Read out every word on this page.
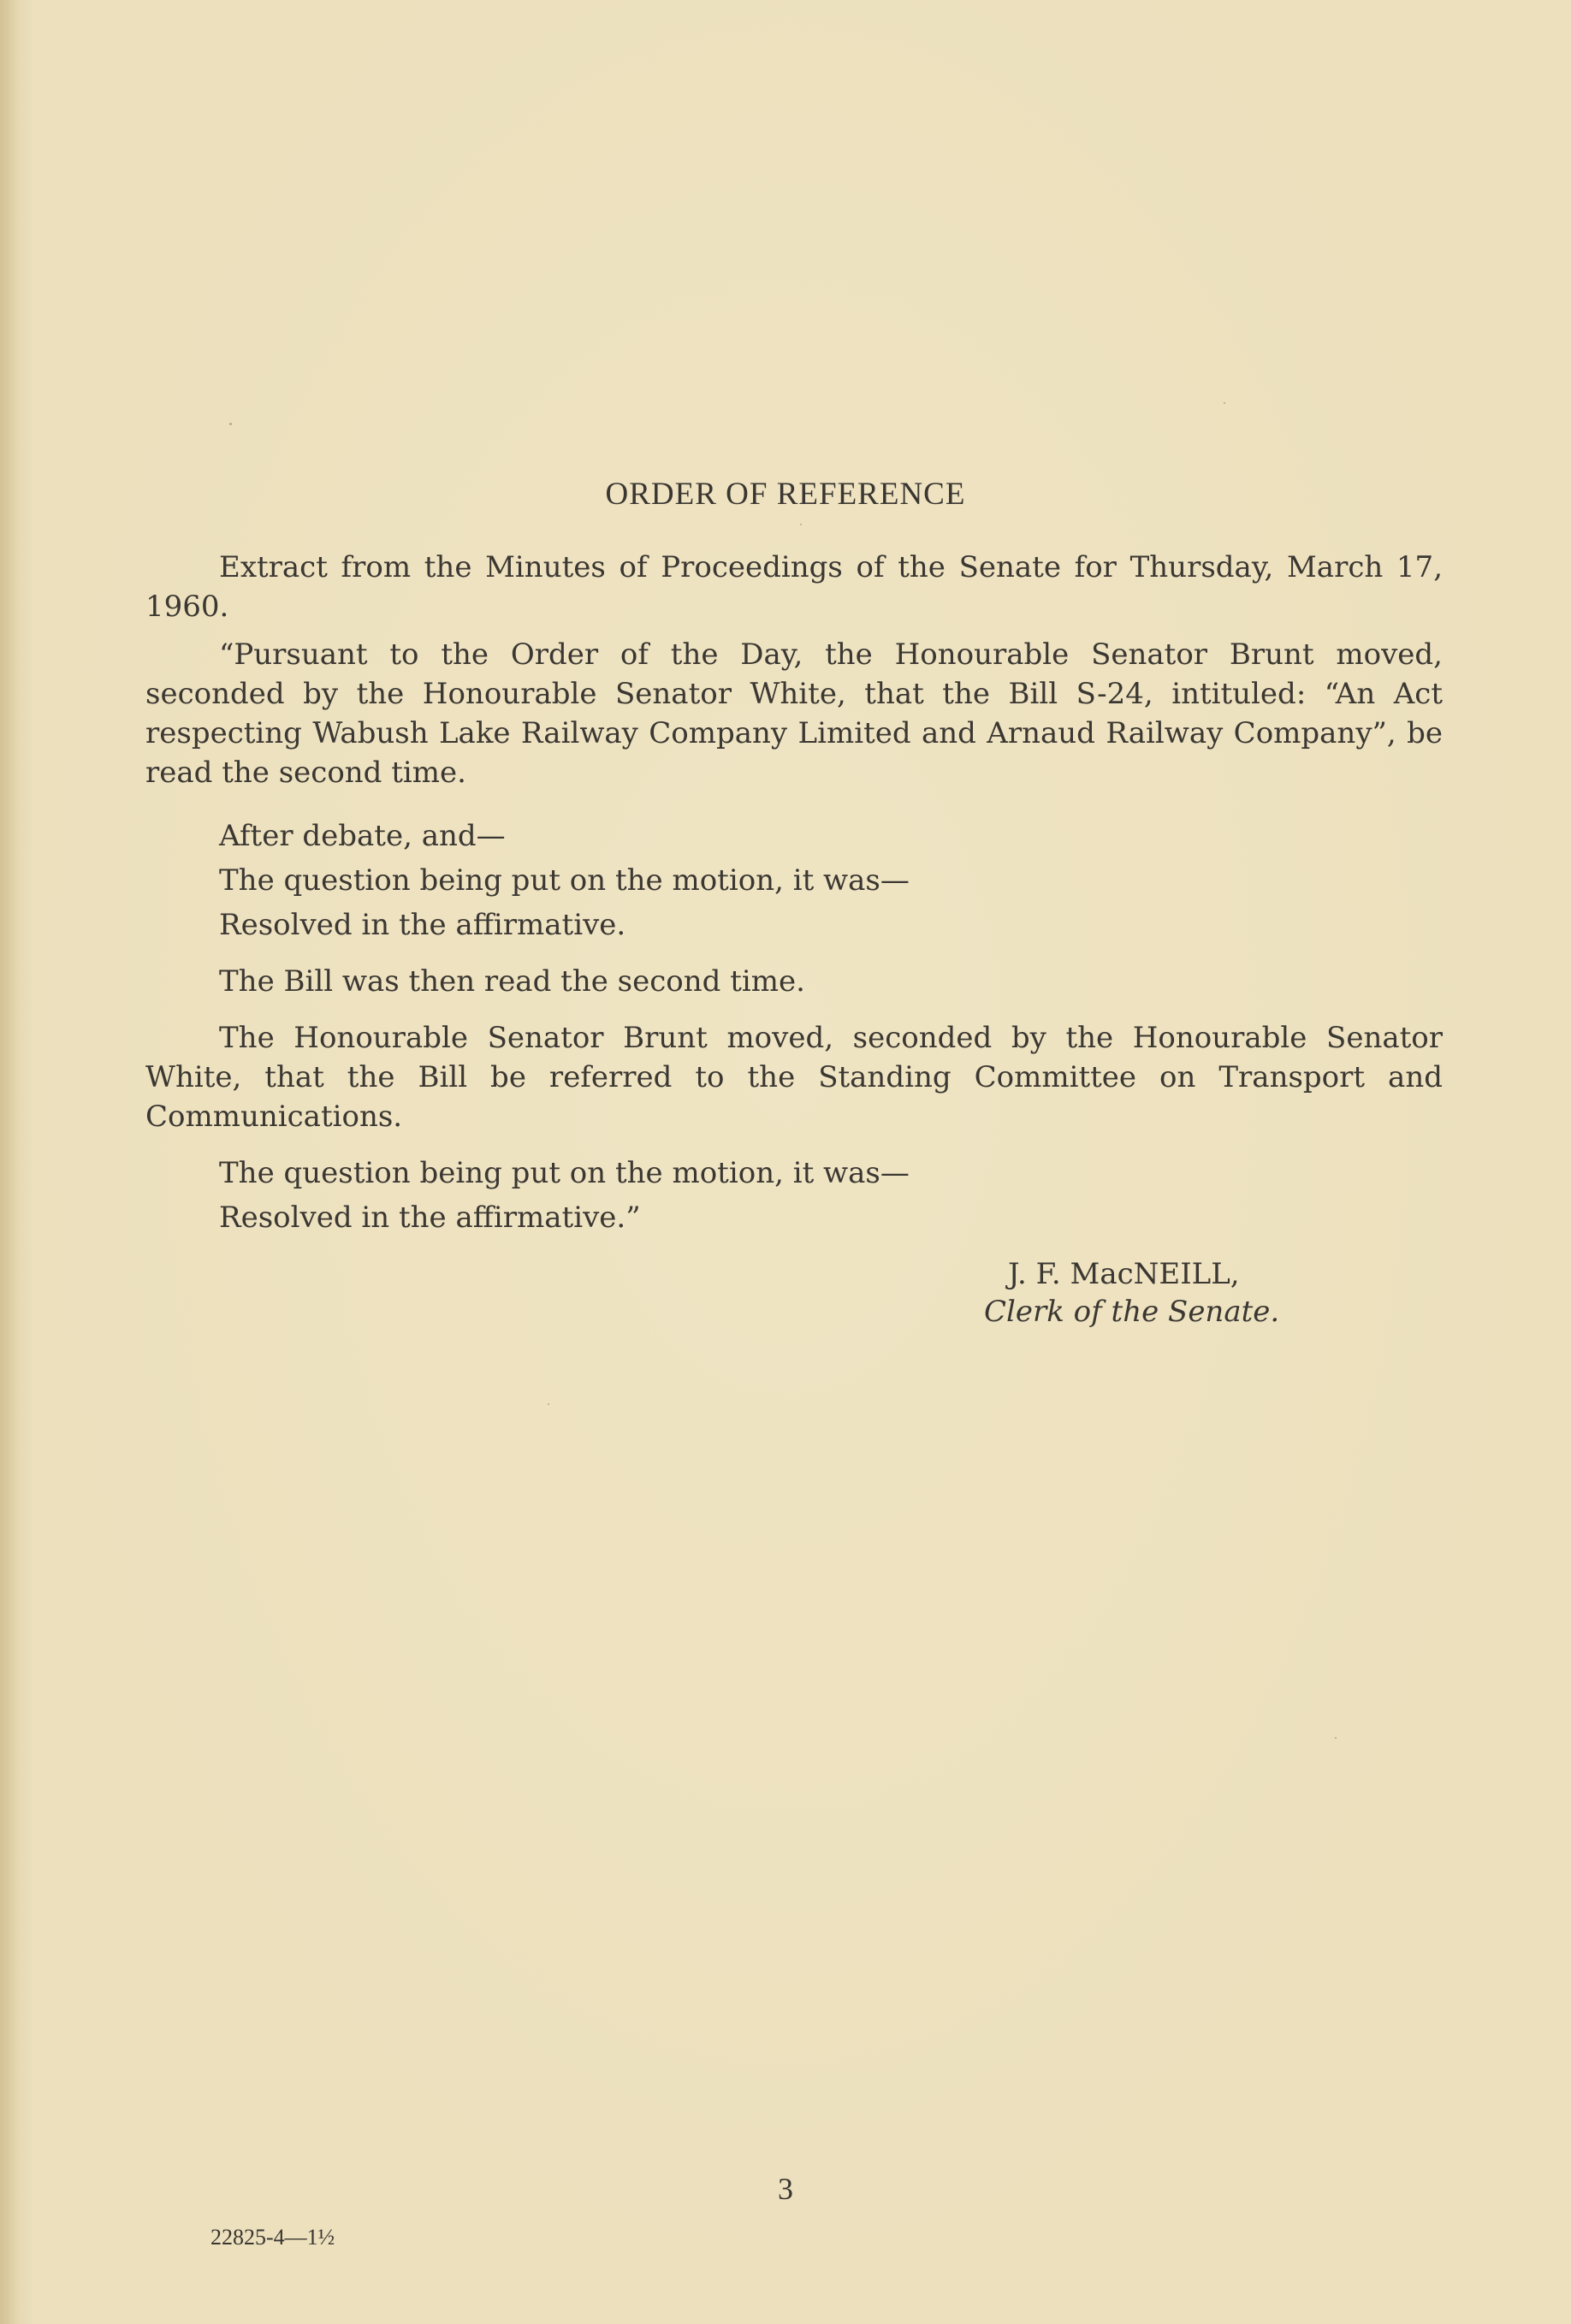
ORDER OF REFERENCE

Extract from the Minutes of Proceedings of the Senate for Thursday, March 17, 1960.

“Pursuant to the Order of the Day, the Honourable Senator Brunt moved, seconded by the Honourable Senator White, that the Bill S-24, intituled: “An Act respecting Wabush Lake Railway Company Limited and Arnaud Railway Company”, be read the second time.

After debate, and—
The question being put on the motion, it was—
Resolved in the affirmative.
The Bill was then read the second time.

The Honourable Senator Brunt moved, seconded by the Honourable Senator White, that the Bill be referred to the Standing Committee on Transport and Communications.

The question being put on the motion, it was—
Resolved in the affirmative.”
J. F. MacNEILL,
Clerk of the Senate.
3
22825-4—1½
